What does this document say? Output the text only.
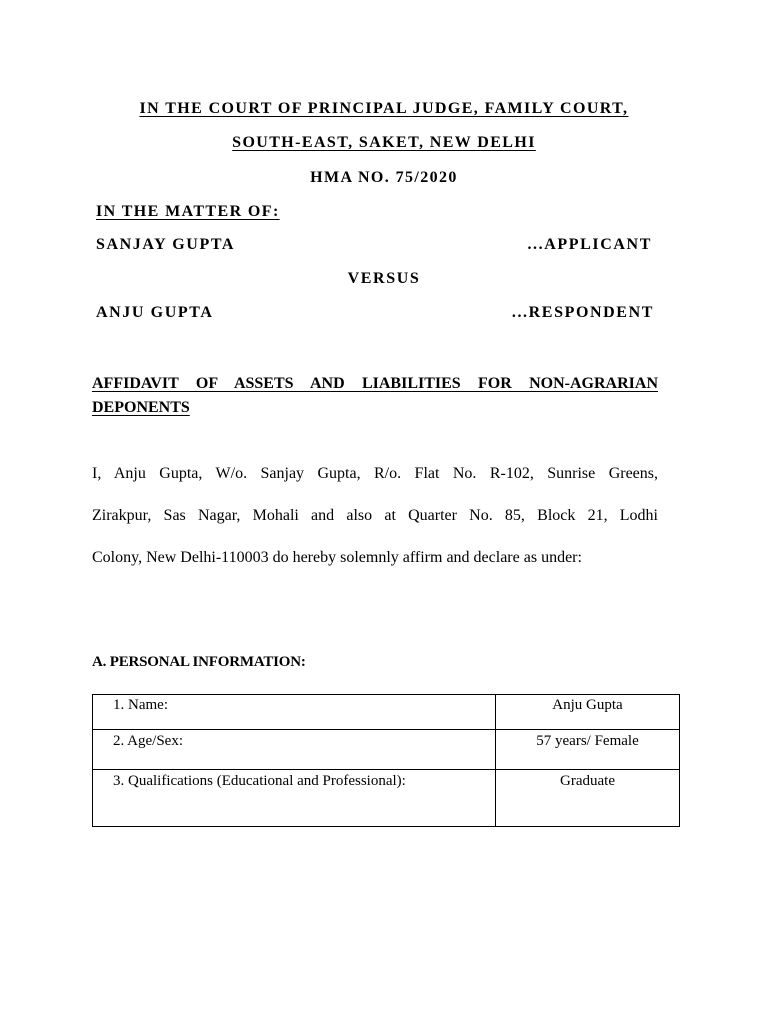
IN THE COURT OF PRINCIPAL JUDGE, FAMILY COURT,
SOUTH-EAST, SAKET, NEW DELHI
HMA NO. 75/2020
IN THE MATTER OF:
SANJAY GUPTA	...APPLICANT
VERSUS
ANJU GUPTA	...RESPONDENT
AFFIDAVIT OF ASSETS AND LIABILITIES FOR NON-AGRARIAN DEPONENTS
I, Anju Gupta, W/o. Sanjay Gupta, R/o. Flat No. R-102, Sunrise Greens,
Zirakpur, Sas Nagar, Mohali and also at Quarter No. 85, Block 21, Lodhi
Colony, New Delhi-110003 do hereby solemnly affirm and declare as under:
A. PERSONAL INFORMATION:
1. Name:	Anju Gupta

2. Age/Sex:	57 years/ Female

3. Qualifications (Educational and Professional):	Graduate
